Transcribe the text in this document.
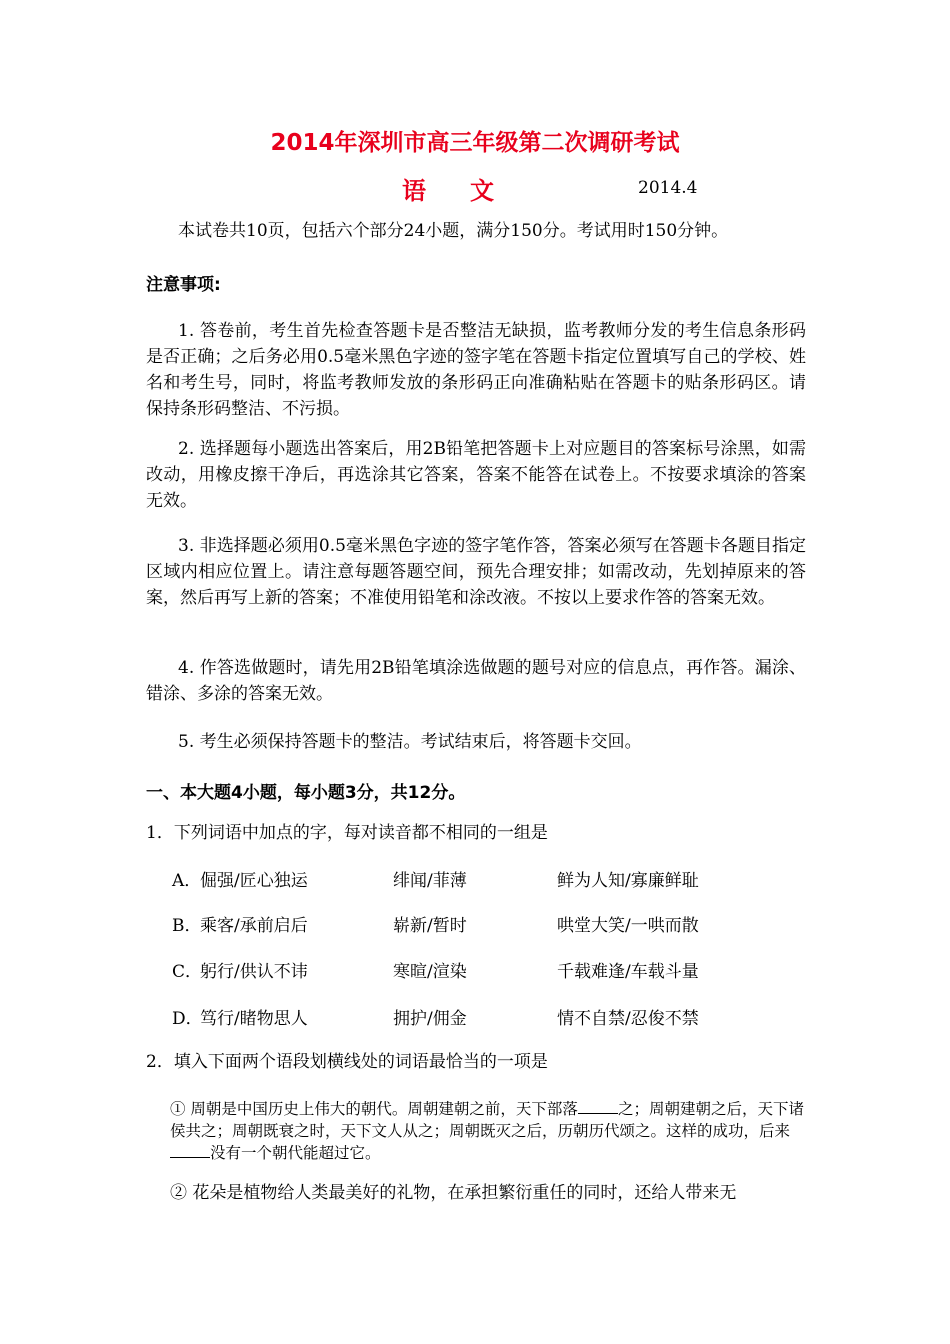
2014年深圳市高三年级第二次调研考试
语文	2014.4
本试卷共10页，包括六个部分24小题，满分150分。考试用时150分钟。
注意事项:
1. 答卷前，考生首先检查答题卡是否整洁无缺损，监考教师分发的考生信息条形码是否正确；之后务必用0.5毫米黑色字迹的签字笔在答题卡指定位置填写自己的学校、姓名和考生号，同时，将监考教师发放的条形码正向准确粘贴在答题卡的贴条形码区。请保持条形码整洁、不污损。
2. 选择题每小题选出答案后，用2B铅笔把答题卡上对应题目的答案标号涂黑，如需改动，用橡皮擦干净后，再选涂其它答案，答案不能答在试卷上。不按要求填涂的答案无效。
3. 非选择题必须用0.5毫米黑色字迹的签字笔作答，答案必须写在答题卡各题目指定区域内相应位置上。请注意每题答题空间，预先合理安排；如需改动，先划掉原来的答案，然后再写上新的答案；不准使用铅笔和涂改液。不按以上要求作答的答案无效。
4. 作答选做题时，请先用2B铅笔填涂选做题的题号对应的信息点，再作答。漏涂、错涂、多涂的答案无效。
5. 考生必须保持答题卡的整洁。考试结束后，将答题卡交回。
一、本大题4小题，每小题3分，共12分。
1．下列词语中加点的字，每对读音都不相同的一组是
A．
倔强/匠心独运	绯闻/菲薄	鲜为人知/寡廉鲜耻
B．
乘客/承前启后	崭新/暂时	哄堂大笑/一哄而散
C．
躬行/供认不讳	寒暄/渲染	千载难逢/车载斗量
D．
笃行/睹物思人	拥护/佣金	情不自禁/忍俊不禁
2．填入下面两个语段划横线处的词语最恰当的一项是
① 周朝是中国历史上伟大的朝代。周朝建朝之前，天下部落	之；周朝建朝之后，天下诸侯共之；周朝既衰之时，天下文人从之；周朝既灭之后，历朝历代颂之。这样的成功，后来没有一个朝代能超过它。
② 花朵是植物给人类最美好的礼物，在承担繁衍重任的同时，还给人带来无
